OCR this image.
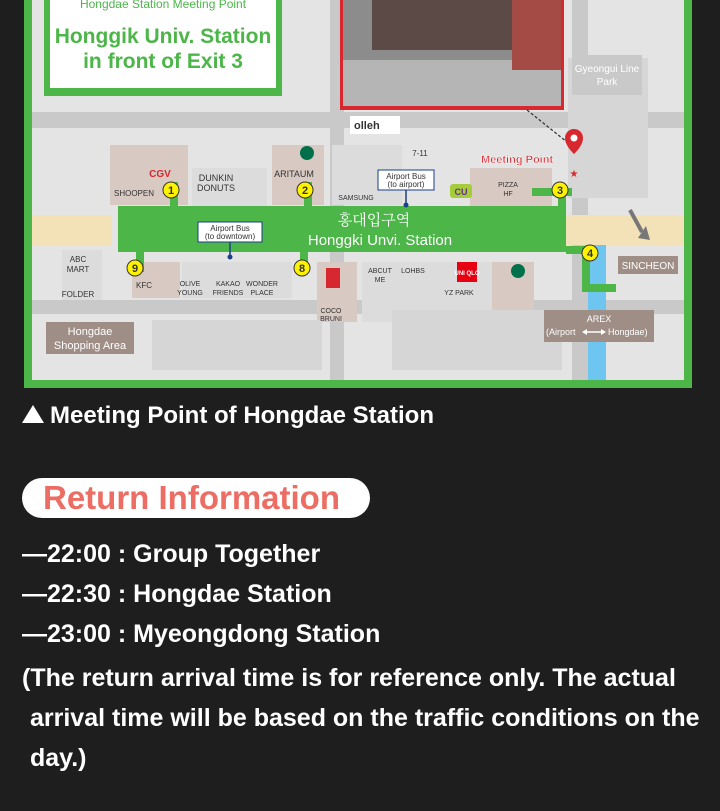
Hongdae Station Meeting Point
Honggik Univ. Station
in front of Exit 3	Gyeongui Line
Park
olleh
★
Meeting Point
홍대입구역
Honggki Unvi. Station
Airport Bus
(to airport)
Airport Bus
(to downtown)
1	2	3
4
8
9
CGV
SHOOPEN
DUNKIN
DONUTS
ARITAUM
SAMSUNG
7-11
CU
PIZZA
HF
ABC
MART
FOLDER
KFC	OLIVE
YOUNG
KAKAO
FRIENDS
WONDER
PLACE
COCO
BRUNI
ABCUT
ME
LOHBS	UNI QLO
YZ PARK
SINCHEON
AREX
(Airport	Hongdae)
Hongdae
Shopping Area
Meeting Point of Hongdae Station
Return Information
—22:00 : Group Together
—22:30 : Hongdae Station
—23:00 : Myeongdong Station
(The return arrival time is for reference only. The actual
arrival time will be based on the traffic conditions on the
day.)
